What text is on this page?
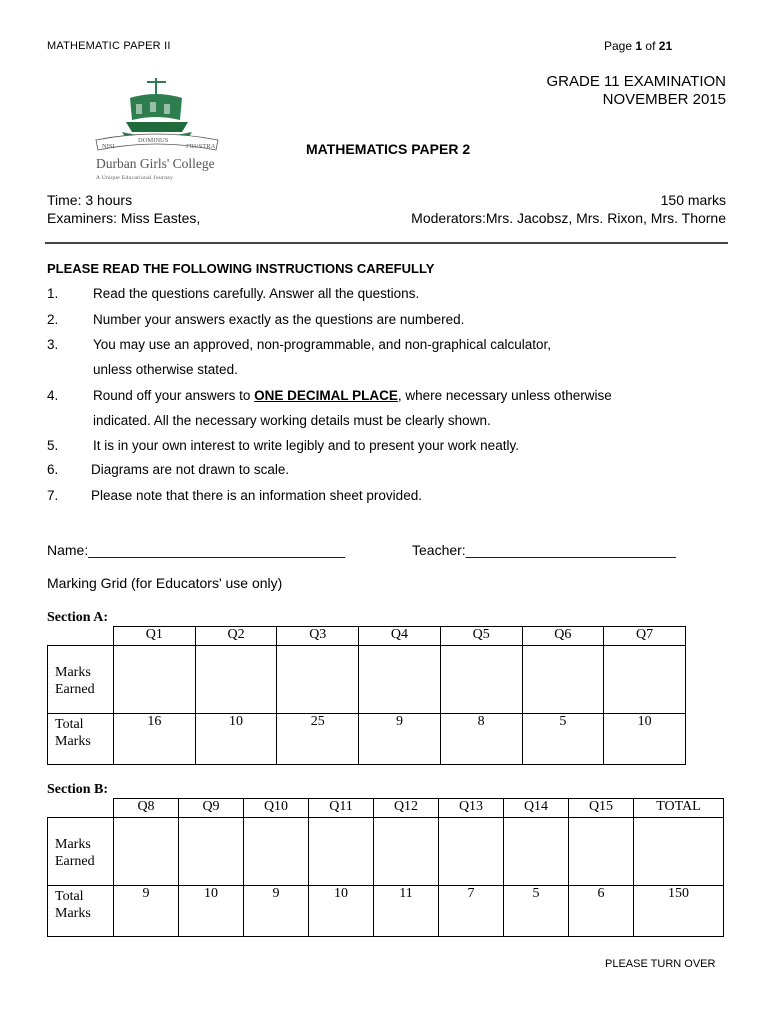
MATHEMATIC PAPER II	Page 1 of 21
NISI
DOMINUS
FRUSTRA
Durban Girls' College
A Unique Educational Journey
GRADE 11 EXAMINATION
NOVEMBER 2015
MATHEMATICS PAPER 2
Time: 3 hours
Examiners: Miss Eastes,
150 marks
Moderators:Mrs. Jacobsz, Mrs. Rixon, Mrs. Thorne
PLEASE READ THE FOLLOWING INSTRUCTIONS CAREFULLY
1.	Read the questions carefully. Answer all the questions.
2.	Number your answers exactly as the questions are numbered.
3.	You may use an approved, non-programmable, and non-graphical calculator,
unless otherwise stated.
4.	Round off your answers to ONE DECIMAL PLACE, where necessary unless otherwise
indicated. All the necessary working details must be clearly shown.
5.	It is in your own interest to write legibly and to present your work neatly.
6. Diagrams are not drawn to scale.
7. Please note that there is an information sheet provided.
Name:_________________________________	Teacher:___________________________
Marking Grid (for Educators' use only)
Section A:
	Q1	Q2	Q3	Q4	Q5	Q6	Q7

Marks
Earned							

Total
Marks	16	10	25	9	8	5	10
Section B:
	Q8	Q9	Q10	Q11	Q12	Q13	Q14	Q15	TOTAL

Marks
Earned									

Total
Marks	9	10	9	10	11	7	5	6	150
PLEASE TURN OVER
